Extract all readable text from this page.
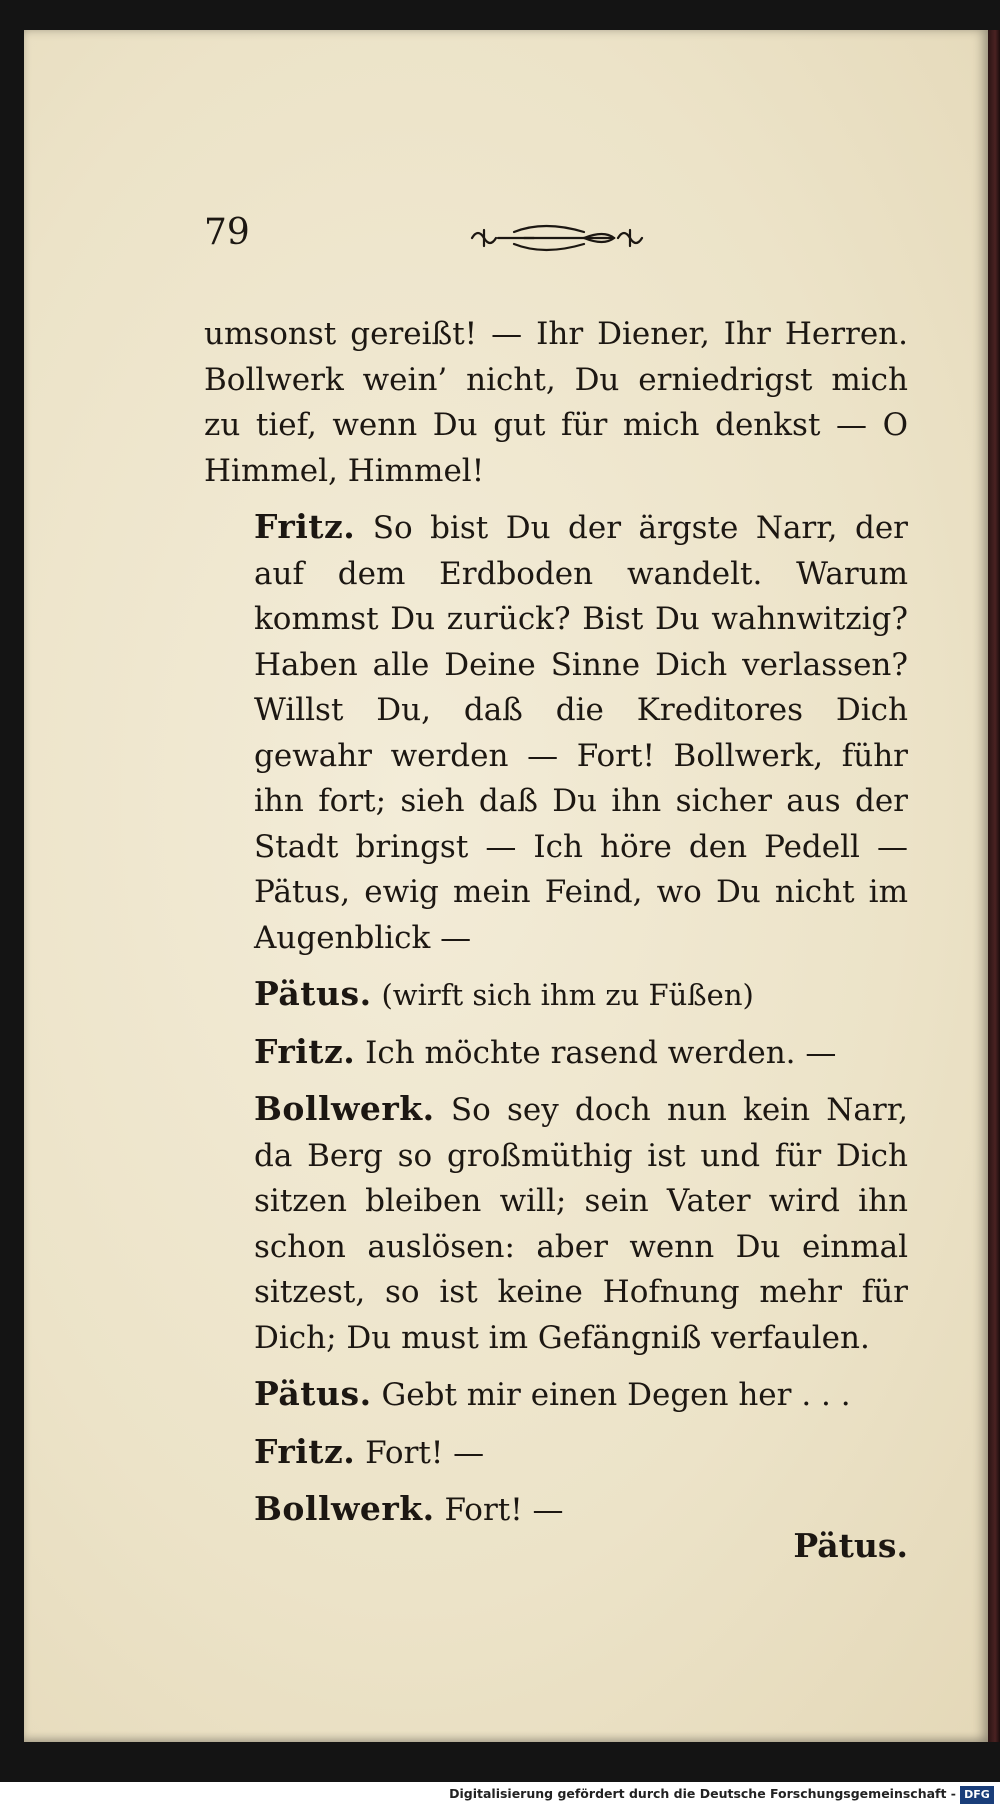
79

umsonst gereißt! — Ihr Diener, Ihr Herren. Bollwerk wein’ nicht, Du erniedrigst mich zu tief, wenn Du gut für mich denkst — O Himmel, Himmel!

Fritz. So bist Du der ärgste Narr, der auf dem Erdboden wandelt. Warum kommst Du zurück? Bist Du wahnwitzig? Haben alle Deine Sinne Dich verlassen? Willst Du, daß die Kreditores Dich gewahr werden — Fort! Bollwerk, führ ihn fort; sieh daß Du ihn sicher aus der Stadt bringst — Ich höre den Pedell — Pätus, ewig mein Feind, wo Du nicht im Augenblick —

Pätus. (wirft sich ihm zu Füßen)

Fritz. Ich möchte rasend werden. —

Bollwerk. So sey doch nun kein Narr, da Berg so großmüthig ist und für Dich sitzen bleiben will; sein Vater wird ihn schon auslösen: aber wenn Du einmal sitzest, so ist keine Hofnung mehr für Dich; Du must im Gefängniß verfaulen.

Pätus. Gebt mir einen Degen her . . .

Fritz. Fort! —

Bollwerk. Fort! —

Pätus.

Digitalisierung gefördert durch die Deutsche Forschungsgemeinschaft - DFG
